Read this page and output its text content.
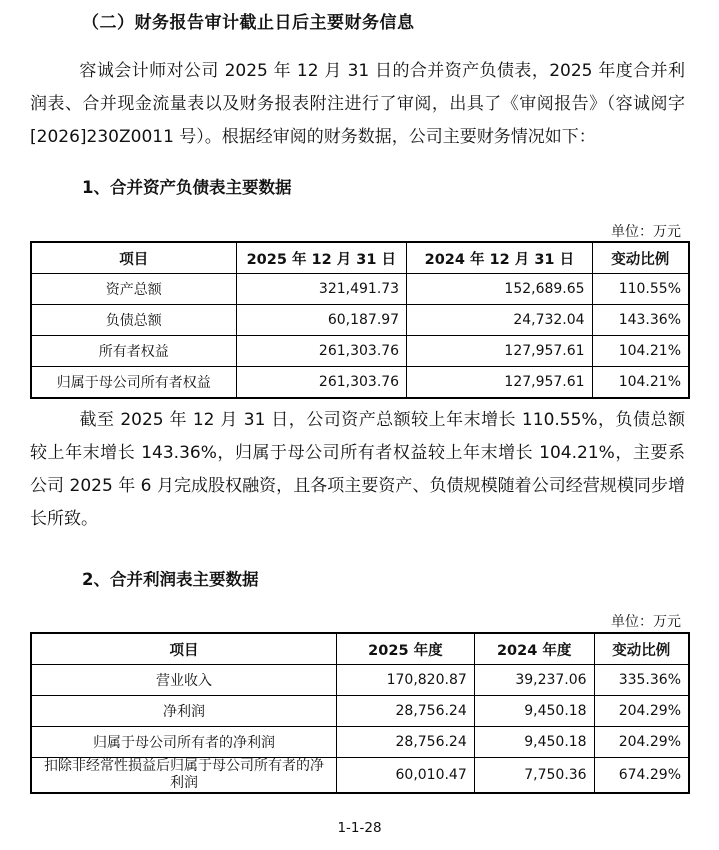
（二）财务报告审计截止日后主要财务信息
容诚会计师对公司 2025 年 12 月 31 日的合并资产负债表，2025 年度合并利润表、合并现金流量表以及财务报表附注进行了审阅，出具了《审阅报告》（容诚阅字[2026]230Z0011 号）。根据经审阅的财务数据，公司主要财务情况如下：
1、合并资产负债表主要数据
单位：万元
项目	2025 年 12 月 31 日	2024 年 12 月 31 日	变动比例
资产总额	321,491.73	152,689.65	110.55%
负债总额	60,187.97	24,732.04	143.36%
所有者权益	261,303.76	127,957.61	104.21%
归属于母公司所有者权益	261,303.76	127,957.61	104.21%
截至 2025 年 12 月 31 日，公司资产总额较上年末增长 110.55%，负债总额较上年末增长 143.36%，归属于母公司所有者权益较上年末增长 104.21%，主要系公司 2025 年 6 月完成股权融资，且各项主要资产、负债规模随着公司经营规模同步增长所致。
2、合并利润表主要数据
单位：万元
项目	2025 年度	2024 年度	变动比例
营业收入	170,820.87	39,237.06	335.36%
净利润	28,756.24	9,450.18	204.29%
归属于母公司所有者的净利润	28,756.24	9,450.18	204.29%
扣除非经常性损益后归属于母公司所有者的净利润	60,010.47	7,750.36	674.29%
1-1-28
